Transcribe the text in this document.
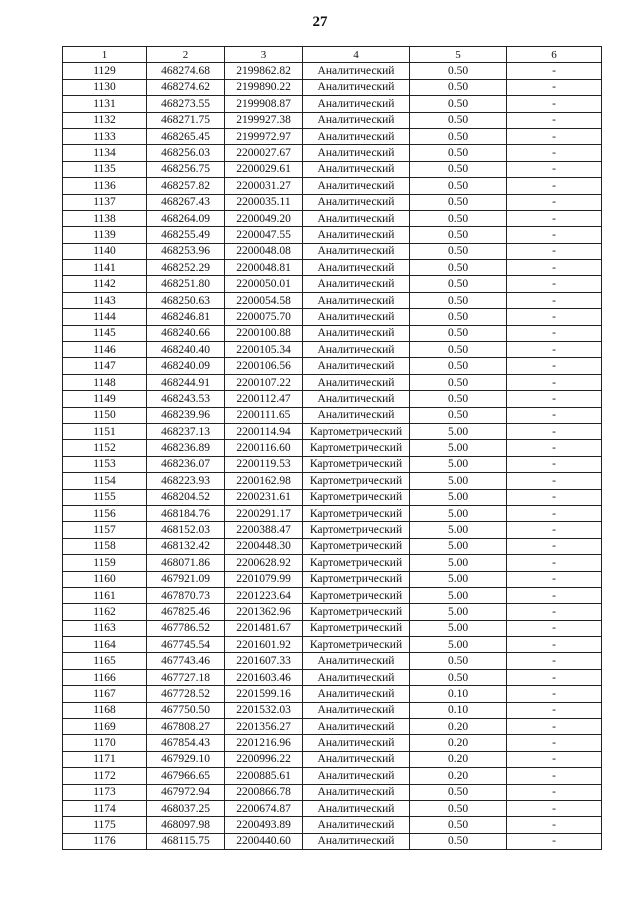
27
1	2	3	4	5	6
1129	468274.68	2199862.82	Аналитический	0.50	-
1130	468274.62	2199890.22	Аналитический	0.50	-
1131	468273.55	2199908.87	Аналитический	0.50	-
1132	468271.75	2199927.38	Аналитический	0.50	-
1133	468265.45	2199972.97	Аналитический	0.50	-
1134	468256.03	2200027.67	Аналитический	0.50	-
1135	468256.75	2200029.61	Аналитический	0.50	-
1136	468257.82	2200031.27	Аналитический	0.50	-
1137	468267.43	2200035.11	Аналитический	0.50	-
1138	468264.09	2200049.20	Аналитический	0.50	-
1139	468255.49	2200047.55	Аналитический	0.50	-
1140	468253.96	2200048.08	Аналитический	0.50	-
1141	468252.29	2200048.81	Аналитический	0.50	-
1142	468251.80	2200050.01	Аналитический	0.50	-
1143	468250.63	2200054.58	Аналитический	0.50	-
1144	468246.81	2200075.70	Аналитический	0.50	-
1145	468240.66	2200100.88	Аналитический	0.50	-
1146	468240.40	2200105.34	Аналитический	0.50	-
1147	468240.09	2200106.56	Аналитический	0.50	-
1148	468244.91	2200107.22	Аналитический	0.50	-
1149	468243.53	2200112.47	Аналитический	0.50	-
1150	468239.96	2200111.65	Аналитический	0.50	-
1151	468237.13	2200114.94	Картометрический	5.00	-
1152	468236.89	2200116.60	Картометрический	5.00	-
1153	468236.07	2200119.53	Картометрический	5.00	-
1154	468223.93	2200162.98	Картометрический	5.00	-
1155	468204.52	2200231.61	Картометрический	5.00	-
1156	468184.76	2200291.17	Картометрический	5.00	-
1157	468152.03	2200388.47	Картометрический	5.00	-
1158	468132.42	2200448.30	Картометрический	5.00	-
1159	468071.86	2200628.92	Картометрический	5.00	-
1160	467921.09	2201079.99	Картометрический	5.00	-
1161	467870.73	2201223.64	Картометрический	5.00	-
1162	467825.46	2201362.96	Картометрический	5.00	-
1163	467786.52	2201481.67	Картометрический	5.00	-
1164	467745.54	2201601.92	Картометрический	5.00	-
1165	467743.46	2201607.33	Аналитический	0.50	-
1166	467727.18	2201603.46	Аналитический	0.50	-
1167	467728.52	2201599.16	Аналитический	0.10	-
1168	467750.50	2201532.03	Аналитический	0.10	-
1169	467808.27	2201356.27	Аналитический	0.20	-
1170	467854.43	2201216.96	Аналитический	0.20	-
1171	467929.10	2200996.22	Аналитический	0.20	-
1172	467966.65	2200885.61	Аналитический	0.20	-
1173	467972.94	2200866.78	Аналитический	0.50	-
1174	468037.25	2200674.87	Аналитический	0.50	-
1175	468097.98	2200493.89	Аналитический	0.50	-
1176	468115.75	2200440.60	Аналитический	0.50	-
